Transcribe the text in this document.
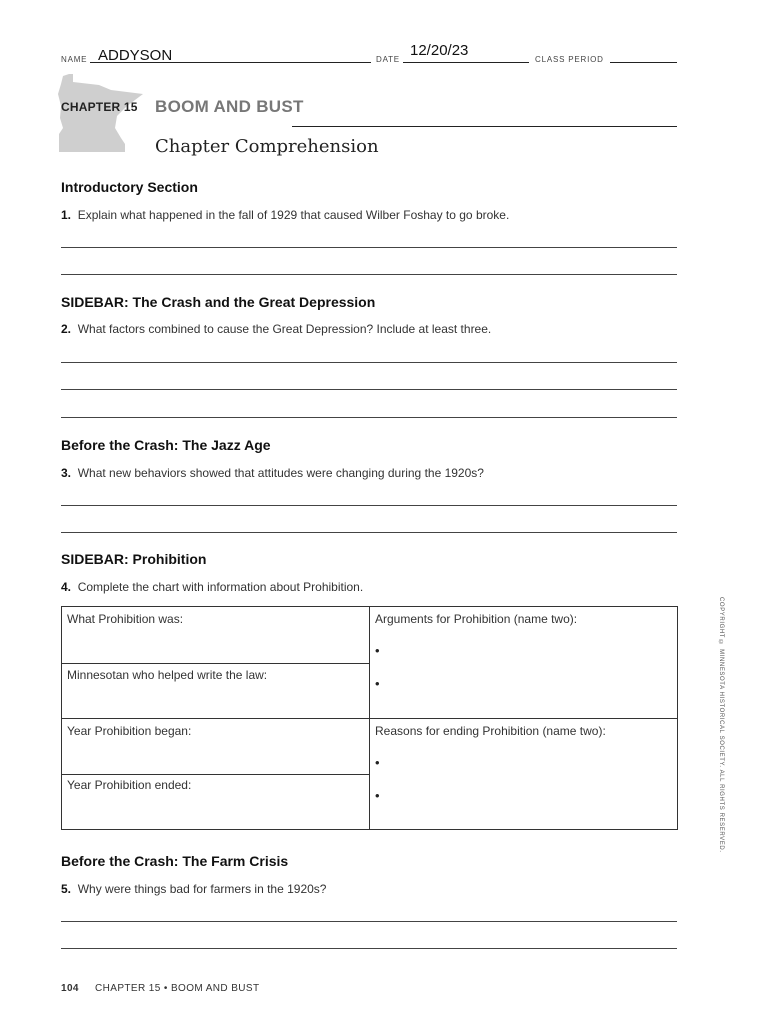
NAME ADDYSON	DATE
12/20/23
CLASS PERIOD
CHAPTER 15 BOOM AND BUST
Chapter Comprehension
Introductory Section
1. Explain what happened in the fall of 1929 that caused Wilber Foshay to go broke.
SIDEBAR: The Crash and the Great Depression
2. What factors combined to cause the Great Depression? Include at least three.
Before the Crash: The Jazz Age
3. What new behaviors showed that attitudes were changing during the 1920s?
SIDEBAR: Prohibition
4. Complete the chart with information about Prohibition.
What Prohibition was:
Minnesotan who helped write the law:
Year Prohibition began:
Year Prohibition ended:
Arguments for Prohibition (name two):
•
•
Reasons for ending Prohibition (name two):
•
•
Before the Crash: The Farm Crisis
5. Why were things bad for farmers in the 1920s?
COPYRIGHT © MINNESOTA HISTORICAL SOCIETY. ALL RIGHTS RESERVED.
104 CHAPTER 15 • BOOM AND BUST
